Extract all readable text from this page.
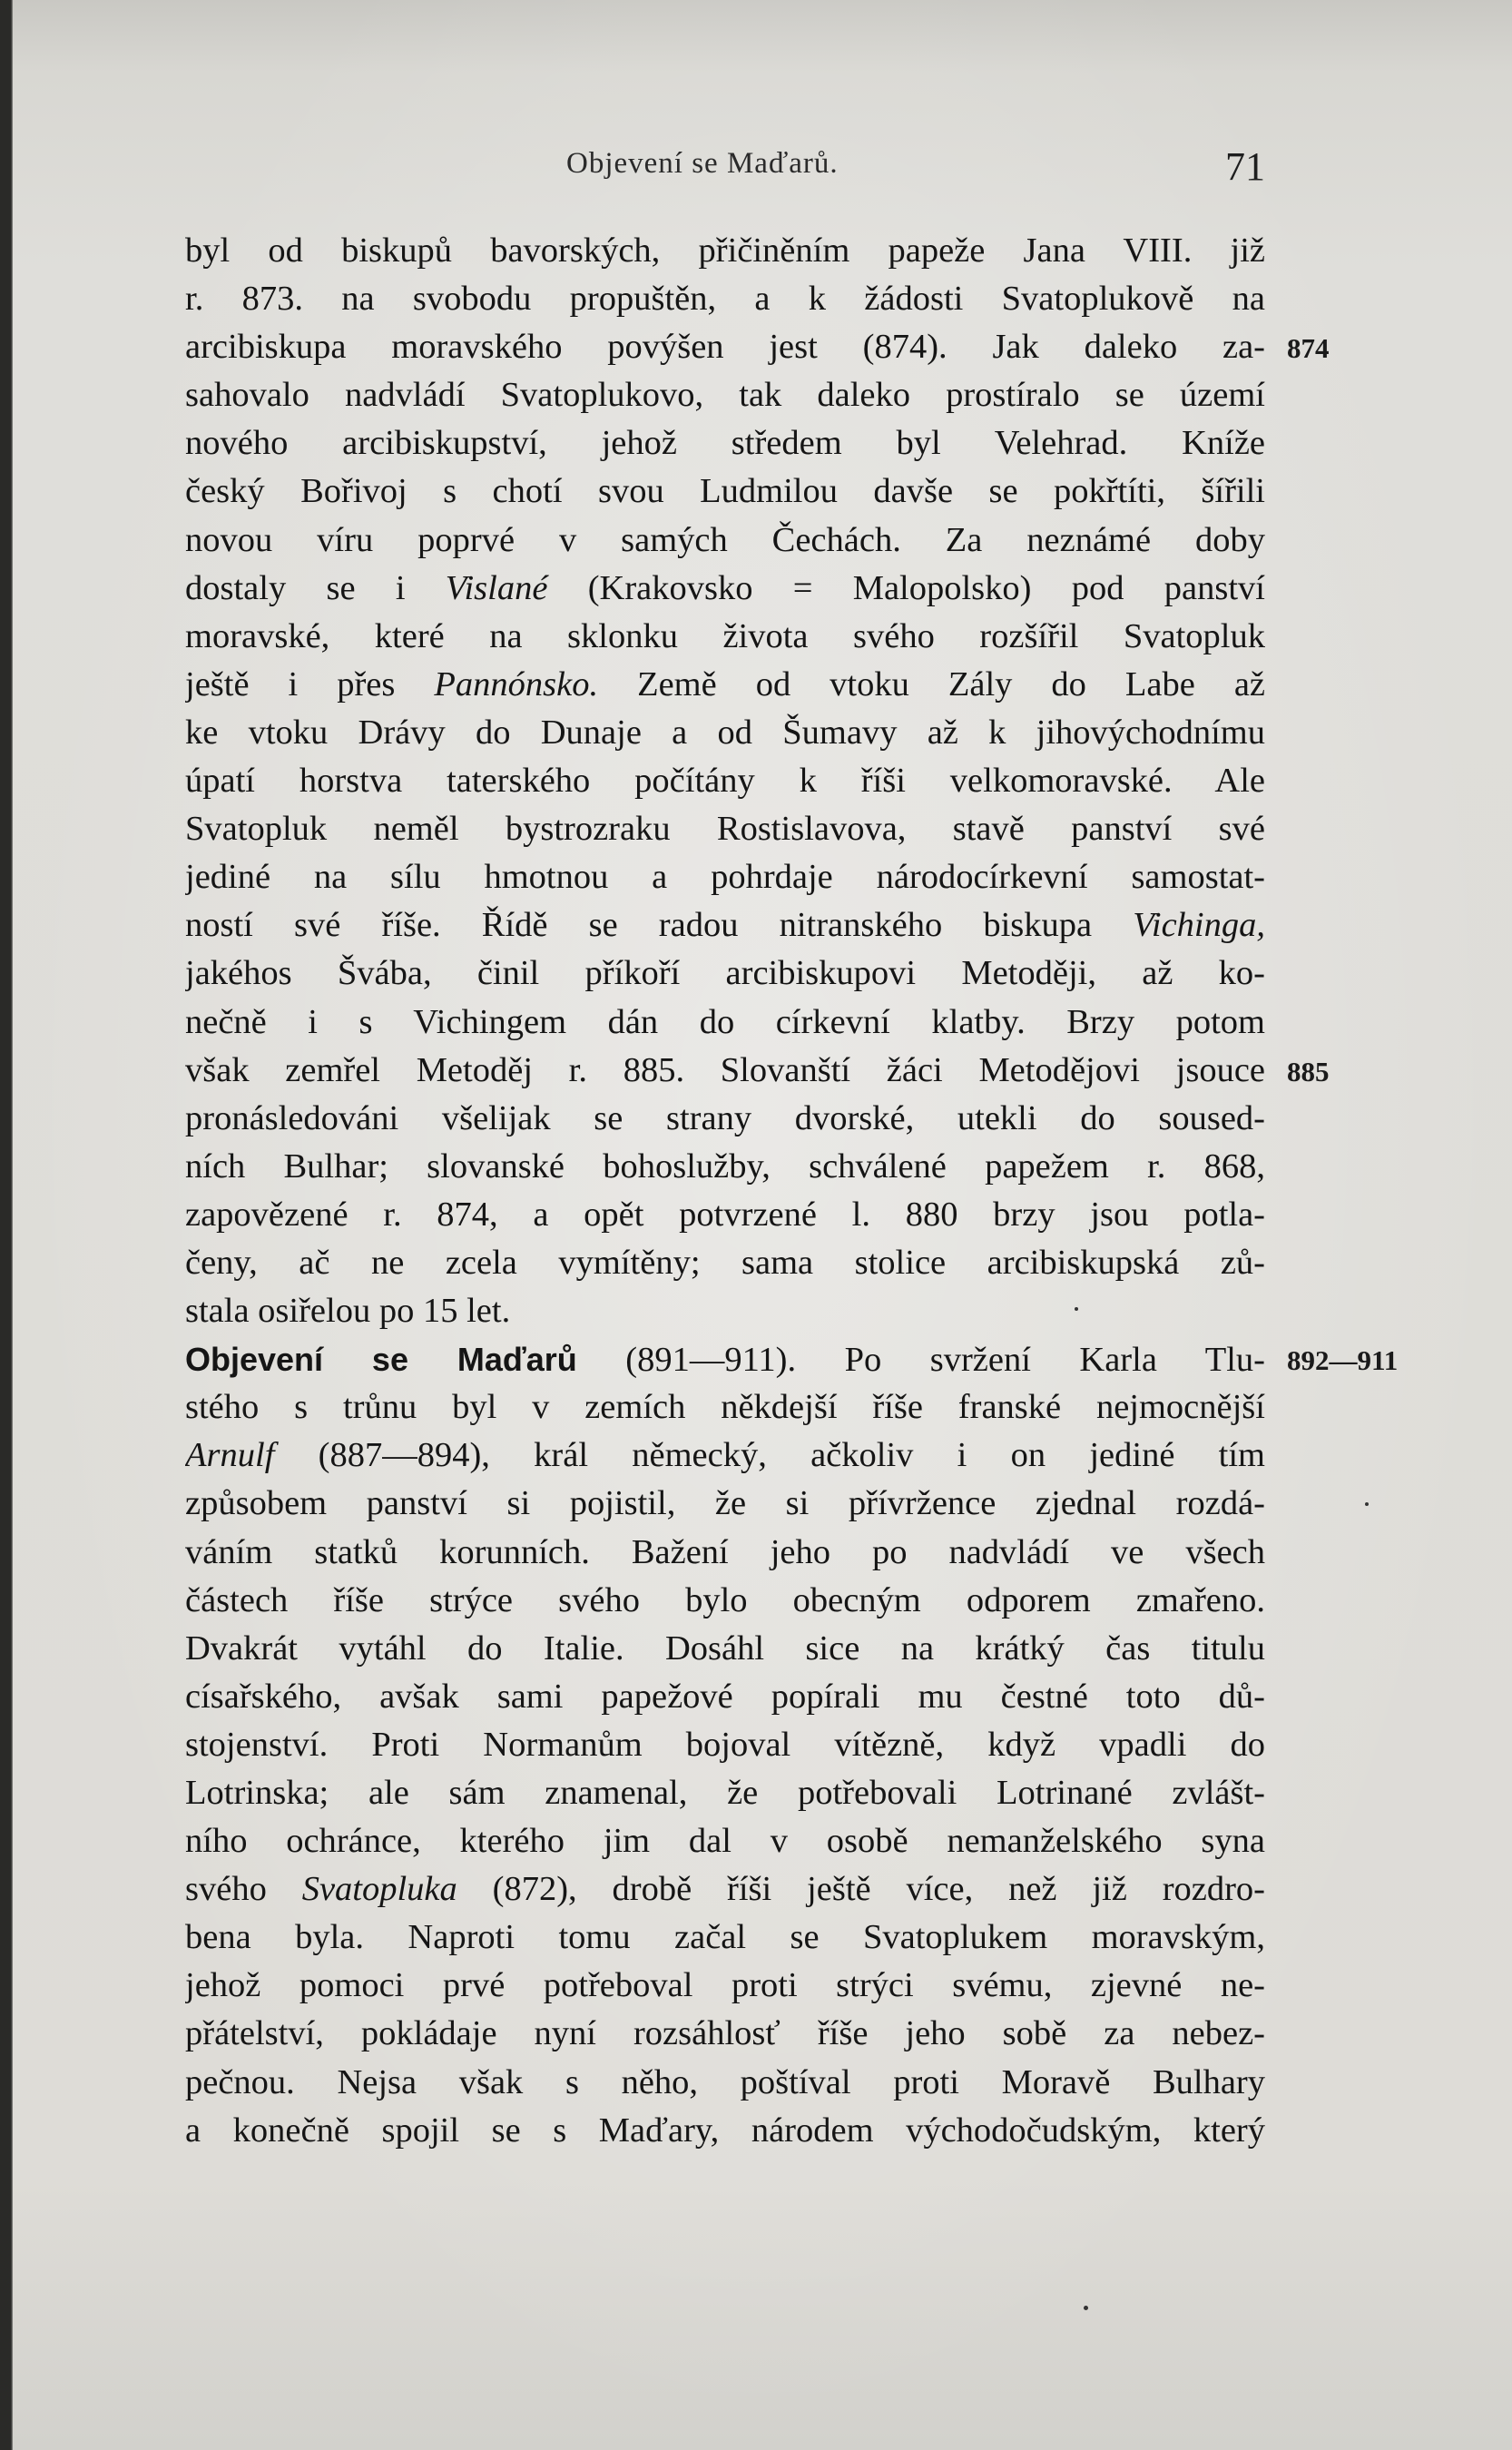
Objevení se Maďarů.	71
byl od biskupů bavorských, přičiněním papeže Jana VIII. již
r. 873. na svobodu propuštěn, a k žádosti Svatoplukově na
arcibiskupa moravského povýšen jest (874). Jak daleko za-
sahovalo nadvládí Svatoplukovo, tak daleko prostíralo se území
nového arcibiskupství, jehož středem byl Velehrad. Kníže
český Bořivoj s chotí svou Ludmilou davše se pokřtíti, šířili
novou víru poprvé v samých Čechách. Za neznámé doby
dostaly se i Vislané (Krakovsko = Malopolsko) pod panství
moravské, které na sklonku života svého rozšířil Svatopluk
ještě i přes Pannónsko. Země od vtoku Zály do Labe až
ke vtoku Drávy do Dunaje a od Šumavy až k jihovýchodnímu
úpatí horstva taterského počítány k říši velkomoravské. Ale
Svatopluk neměl bystrozraku Rostislavova, stavě panství své
jediné na sílu hmotnou a pohrdaje národocírkevní samostat-
ností své říše. Řídě se radou nitranského biskupa Vichinga,
jakéhos Švába, činil příkoří arcibiskupovi Metoději, až ko-
nečně i s Vichingem dán do církevní klatby. Brzy potom
však zemřel Metoděj r. 885. Slovanští žáci Metodějovi jsouce
pronásledováni všelijak se strany dvorské, utekli do soused-
ních Bulhar; slovanské bohoslužby, schválené papežem r. 868,
zapovězené r. 874, a opět potvrzené l. 880 brzy jsou potla-
čeny, ač ne zcela vymítěny; sama stolice arcibiskupská zů-
stala osiřelou po 15 let.
Objevení se Maďarů (891—911). Po svržení Karla Tlu-
stého s trůnu byl v zemích někdejší říše franské nejmocnější
Arnulf (887—894), král německý, ačkoliv i on jediné tím
způsobem panství si pojistil, že si přívržence zjednal rozdá-
váním statků korunních. Bažení jeho po nadvládí ve všech
částech říše strýce svého bylo obecným odporem zmařeno.
Dvakrát vytáhl do Italie. Dosáhl sice na krátký čas titulu
císařského, avšak sami papežové popírali mu čestné toto dů-
stojenství. Proti Normanům bojoval vítězně, když vpadli do
Lotrinska; ale sám znamenal, že potřebovali Lotrinané zvlášt-
ního ochránce, kterého jim dal v osobě nemanželského syna
svého Svatopluka (872), drobě říši ještě více, než již rozdro-
bena byla. Naproti tomu začal se Svatoplukem moravským,
jehož pomoci prvé potřeboval proti strýci svému, zjevné ne-
přátelství, pokládaje nyní rozsáhlosť říše jeho sobě za nebez-
pečnou. Nejsa však s něho, poštíval proti Moravě Bulhary
a konečně spojil se s Maďary, národem východočudským, který
874
885
892—911
